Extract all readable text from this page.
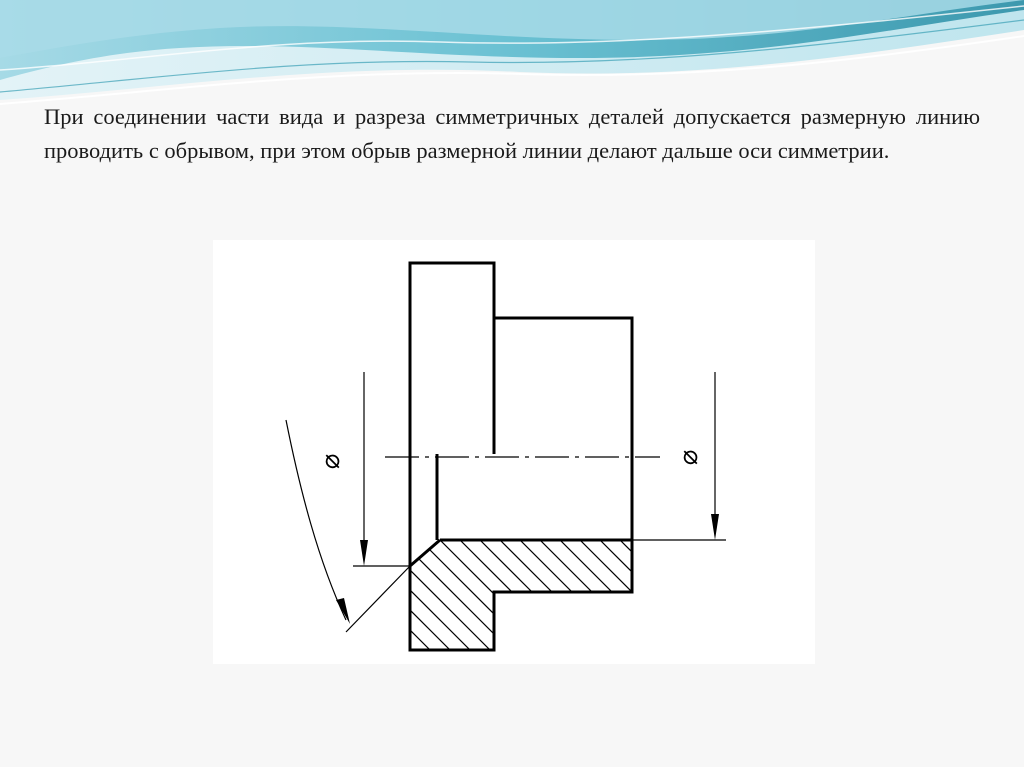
При соединении части вида и разреза симметричных деталей допускается размерную линию проводить с обрывом, при этом обрыв размерной линии делают дальше оси симметрии.
⌀	⌀
